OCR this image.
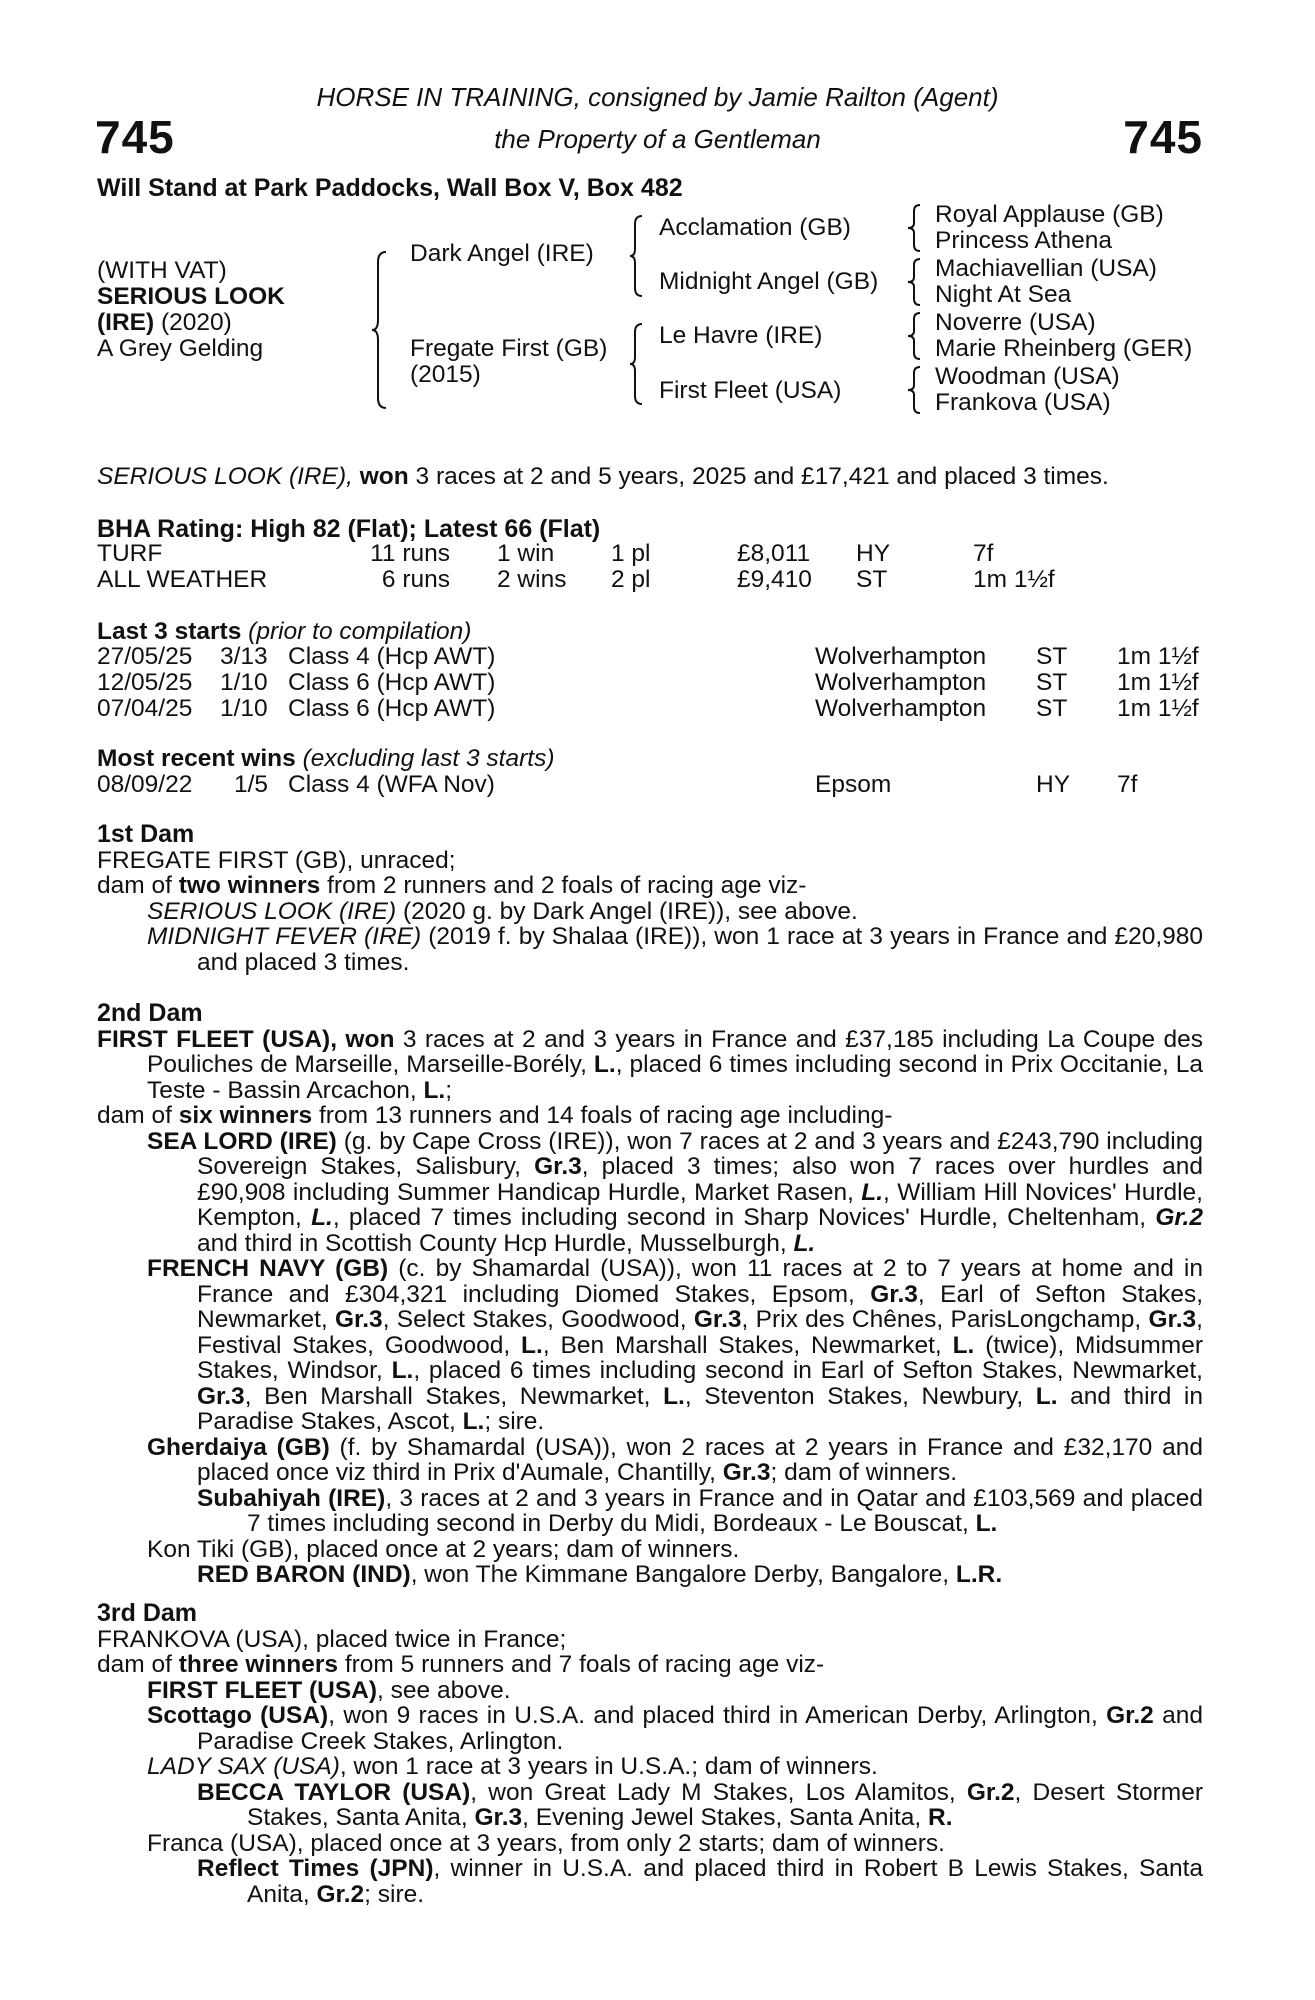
HORSE IN TRAINING, consigned by Jamie Railton (Agent)
the Property of a Gentleman
745	745
Will Stand at Park Paddocks, Wall Box V, Box 482
(WITH VAT)
SERIOUS LOOK
(IRE) (2020)
A Grey Gelding
Dark Angel (IRE)
Fregate First (GB)
(2015)
Acclamation (GB)
Midnight Angel (GB)
Le Havre (IRE)
First Fleet (USA)
Royal Applause (GB)
Princess Athena
Machiavellian (USA)
Night At Sea
Noverre (USA)
Marie Rheinberg (GER)
Woodman (USA)
Frankova (USA)
SERIOUS LOOK (IRE), won 3 races at 2 and 5 years, 2025 and £17,421 and placed 3 times.
BHA Rating: High 82 (Flat); Latest 66 (Flat)
TURF	11 runs 1 win 1 pl	£8,011 HY	7f
ALL WEATHER	6 runs 2 wins 2 pl	£9,410 ST	1m 1½f
Last 3 starts (prior to compilation)
27/05/25 3/13 Class 4 (Hcp AWT)	Wolverhampton ST 1m 1½f
12/05/25 1/10 Class 6 (Hcp AWT)	Wolverhampton ST 1m 1½f
07/04/25 1/10 Class 6 (Hcp AWT)	Wolverhampton ST 1m 1½f
Most recent wins (excluding last 3 starts)
08/09/22 1/5 Class 4 (WFA Nov)	Epsom	HY 7f

1st Dam

FREGATE FIRST (GB), unraced;

dam of two winners from 2 runners and 2 foals of racing age viz-

SERIOUS LOOK (IRE) (2020 g. by Dark Angel (IRE)), see above.

MIDNIGHT FEVER (IRE) (2019 f. by Shalaa (IRE)), won 1 race at 3 years in France and £20,980 and placed 3 times.

2nd Dam

FIRST FLEET (USA), won 3 races at 2 and 3 years in France and £37,185 including La Coupe des Pouliches de Marseille, Marseille-Borély, L., placed 6 times including second in Prix Occitanie, La Teste - Bassin Arcachon, L.;

dam of six winners from 13 runners and 14 foals of racing age including-

SEA LORD (IRE) (g. by Cape Cross (IRE)), won 7 races at 2 and 3 years and £243,790 including Sovereign Stakes, Salisbury, Gr.3, placed 3 times; also won 7 races over hurdles and £90,908 including Summer Handicap Hurdle, Market Rasen, L., William Hill Novices' Hurdle, Kempton, L., placed 7 times including second in Sharp Novices' Hurdle, Cheltenham, Gr.2 and third in Scottish County Hcp Hurdle, Musselburgh, L.

FRENCH NAVY (GB) (c. by Shamardal (USA)), won 11 races at 2 to 7 years at home and in France and £304,321 including Diomed Stakes, Epsom, Gr.3, Earl of Sefton Stakes, Newmarket, Gr.3, Select Stakes, Goodwood, Gr.3, Prix des Chênes, ParisLongchamp, Gr.3, Festival Stakes, Goodwood, L., Ben Marshall Stakes, Newmarket, L. (twice), Midsummer Stakes, Windsor, L., placed 6 times including second in Earl of Sefton Stakes, Newmarket, Gr.3, Ben Marshall Stakes, Newmarket, L., Steventon Stakes, Newbury, L. and third in Paradise Stakes, Ascot, L.; sire.

Gherdaiya (GB) (f. by Shamardal (USA)), won 2 races at 2 years in France and £32,170 and placed once viz third in Prix d'Aumale, Chantilly, Gr.3; dam of winners.

Subahiyah (IRE), 3 races at 2 and 3 years in France and in Qatar and £103,569 and placed 7 times including second in Derby du Midi, Bordeaux - Le Bouscat, L.

Kon Tiki (GB), placed once at 2 years; dam of winners.

RED BARON (IND), won The Kimmane Bangalore Derby, Bangalore, L.R.

3rd Dam

FRANKOVA (USA), placed twice in France;

dam of three winners from 5 runners and 7 foals of racing age viz-

FIRST FLEET (USA), see above.

Scottago (USA), won 9 races in U.S.A. and placed third in American Derby, Arlington, Gr.2 and Paradise Creek Stakes, Arlington.

LADY SAX (USA), won 1 race at 3 years in U.S.A.; dam of winners.

BECCA TAYLOR (USA), won Great Lady M Stakes, Los Alamitos, Gr.2, Desert Stormer Stakes, Santa Anita, Gr.3, Evening Jewel Stakes, Santa Anita, R.

Franca (USA), placed once at 3 years, from only 2 starts; dam of winners.

Reflect Times (JPN), winner in U.S.A. and placed third in Robert B Lewis Stakes, Santa Anita, Gr.2; sire.
